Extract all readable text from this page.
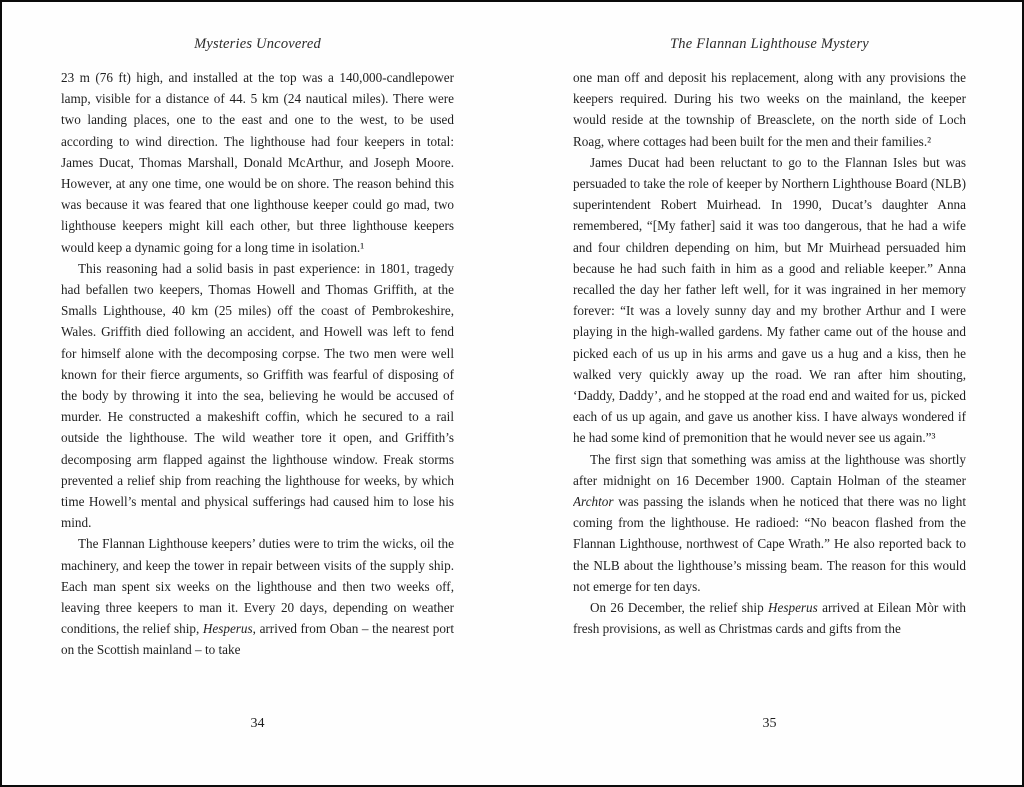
Mysteries Uncovered

23 m (76 ft) high, and installed at the top was a 140,000-candlepower lamp, visible for a distance of 44. 5 km (24 nautical miles). There were two landing places, one to the east and one to the west, to be used according to wind direction. The lighthouse had four keepers in total: James Ducat, Thomas Marshall, Donald McArthur, and Joseph Moore. However, at any one time, one would be on shore. The reason behind this was because it was feared that one lighthouse keeper could go mad, two lighthouse keepers might kill each other, but three lighthouse keepers would keep a dynamic going for a long time in isolation.¹

This reasoning had a solid basis in past experience: in 1801, tragedy had befallen two keepers, Thomas Howell and Thomas Griffith, at the Smalls Lighthouse, 40 km (25 miles) off the coast of Pembrokeshire, Wales. Griffith died following an accident, and Howell was left to fend for himself alone with the decomposing corpse. The two men were well known for their fierce arguments, so Griffith was fearful of disposing of the body by throwing it into the sea, believing he would be accused of murder. He constructed a makeshift coffin, which he secured to a rail outside the lighthouse. The wild weather tore it open, and Griffith’s decomposing arm flapped against the lighthouse window. Freak storms prevented a relief ship from reaching the lighthouse for weeks, by which time Howell’s mental and physical sufferings had caused him to lose his mind.

The Flannan Lighthouse keepers’ duties were to trim the wicks, oil the machinery, and keep the tower in repair between visits of the supply ship. Each man spent six weeks on the lighthouse and then two weeks off, leaving three keepers to man it. Every 20 days, depending on weather conditions, the relief ship, Hesperus, arrived from Oban – the nearest port on the Scottish mainland – to take

34
The Flannan Lighthouse Mystery

one man off and deposit his replacement, along with any provisions the keepers required. During his two weeks on the mainland, the keeper would reside at the township of Breasclete, on the north side of Loch Roag, where cottages had been built for the men and their families.²

James Ducat had been reluctant to go to the Flannan Isles but was persuaded to take the role of keeper by Northern Lighthouse Board (NLB) superintendent Robert Muirhead. In 1990, Ducat’s daughter Anna remembered, “[My father] said it was too dangerous, that he had a wife and four children depending on him, but Mr Muirhead persuaded him because he had such faith in him as a good and reliable keeper.” Anna recalled the day her father left well, for it was ingrained in her memory forever: “It was a lovely sunny day and my brother Arthur and I were playing in the high-walled gardens. My father came out of the house and picked each of us up in his arms and gave us a hug and a kiss, then he walked very quickly away up the road. We ran after him shouting, ‘Daddy, Daddy’, and he stopped at the road end and waited for us, picked each of us up again, and gave us another kiss. I have always wondered if he had some kind of premonition that he would never see us again.”³

The first sign that something was amiss at the lighthouse was shortly after midnight on 16 December 1900. Captain Holman of the steamer Archtor was passing the islands when he noticed that there was no light coming from the lighthouse. He radioed: “No beacon flashed from the Flannan Lighthouse, northwest of Cape Wrath.” He also reported back to the NLB about the lighthouse’s missing beam. The reason for this would not emerge for ten days.

On 26 December, the relief ship Hesperus arrived at Eilean Mòr with fresh provisions, as well as Christmas cards and gifts from the

35
